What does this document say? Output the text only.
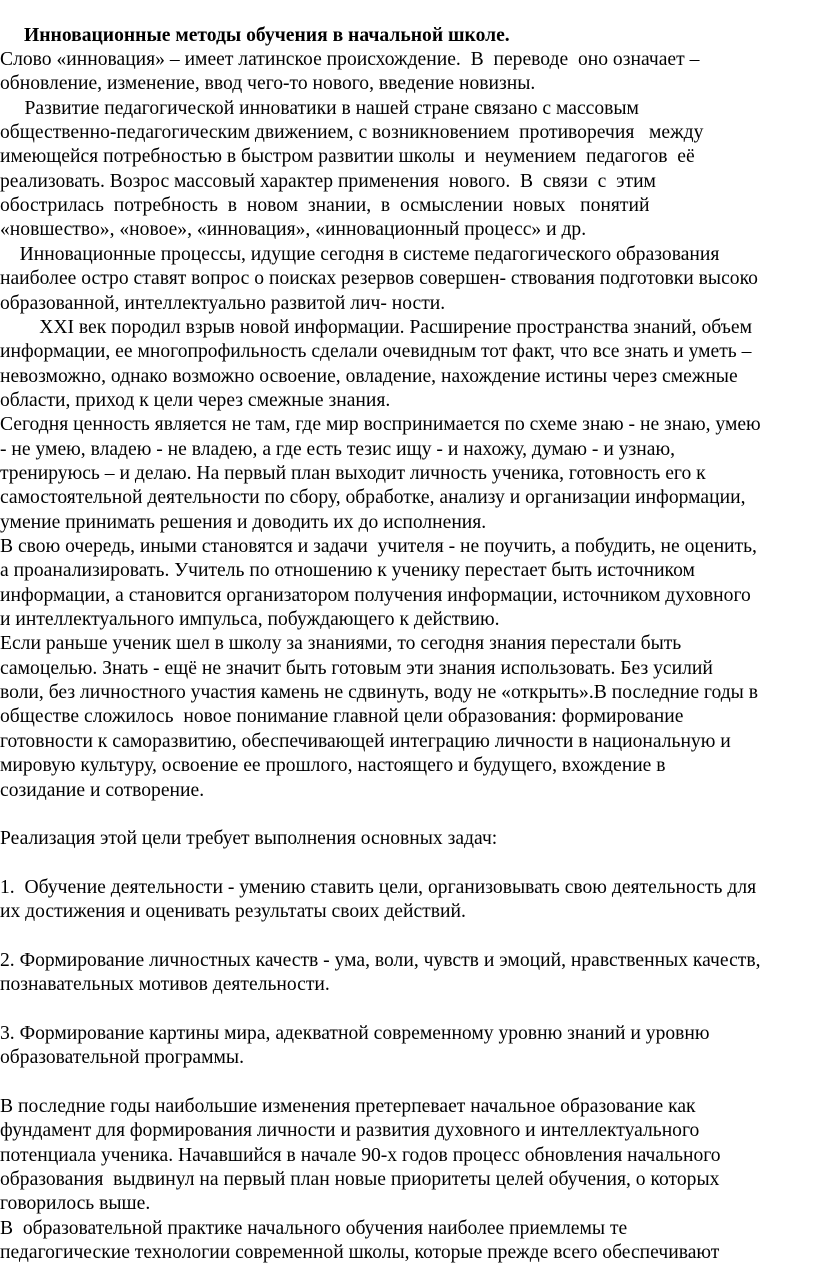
Инновационные методы обучения в начальной школе.
Слово «инновация» – имеет латинское происхождение.  В  переводе  оно означает –
обновление, изменение, ввод чего-то нового, введение новизны.
Развитие педагогической инноватики в нашей стране связано с массовым
общественно-педагогическим движением, с возникновением  противоречия   между
имеющейся потребностью в быстром развитии школы  и  неумением  педагогов  её
реализовать. Возрос массовый характер применения  нового.  В  связи  с  этим
обострилась  потребность  в  новом  знании,  в  осмыслении  новых   понятий
«новшество», «новое», «инновация», «инновационный процесс» и др.
Инновационные процессы, идущие сегодня в системе педагогического образования
наиболее остро ставят вопрос о поисках резервов совершен- ствования подготовки высоко
образованной, интеллектуально развитой лич- ности.
XXI век породил взрыв новой информации. Расширение пространства знаний, объем
информации, ее многопрофильность сделали очевидным тот факт, что все знать и уметь –
невозможно, однако возможно освоение, овладение, нахождение истины через смежные
области, приход к цели через смежные знания.
Сегодня ценность является не там, где мир воспринимается по схеме знаю - не знаю, умею
- не умею, владею - не владею, а где есть тезис ищу - и нахожу, думаю - и узнаю,
тренируюсь – и делаю. На первый план выходит личность ученика, готовность его к
самостоятельной деятельности по сбору, обработке, анализу и организации информации,
умение принимать решения и доводить их до исполнения.
В свою очередь, иными становятся и задачи  учителя - не поучить, а побудить, не оценить,
а проанализировать. Учитель по отношению к ученику перестает быть источником
информации, а становится организатором получения информации, источником духовного
и интеллектуального импульса, побуждающего к действию.
Если раньше ученик шел в школу за знаниями, то сегодня знания перестали быть
самоцелью. Знать - ещё не значит быть готовым эти знания использовать. Без усилий
воли, без личностного участия камень не сдвинуть, воду не «открыть».В последние годы в
обществе сложилось  новое понимание главной цели образования: формирование
готовности к саморазвитию, обеспечивающей интеграцию личности в национальную и
мировую культуру, освоение ее прошлого, настоящего и будущего, вхождение в
созидание и сотворение.
Реализация этой цели требует выполнения основных задач:
1.  Обучение деятельности - умению ставить цели, организовывать свою деятельность для
их достижения и оценивать результаты своих действий.
2. Формирование личностных качеств - ума, воли, чувств и эмоций, нравственных качеств,
познавательных мотивов деятельности.
3. Формирование картины мира, адекватной современному уровню знаний и уровню
образовательной программы.
В последние годы наибольшие изменения претерпевает начальное образование как
фундамент для формирования личности и развития духовного и интеллектуального
потенциала ученика. Начавшийся в начале 90-х годов процесс обновления начального
образования  выдвинул на первый план новые приоритеты целей обучения, о которых
говорилось выше.
В  образовательной практике начального обучения наиболее приемлемы те
педагогические технологии современной школы, которые прежде всего обеспечивают
